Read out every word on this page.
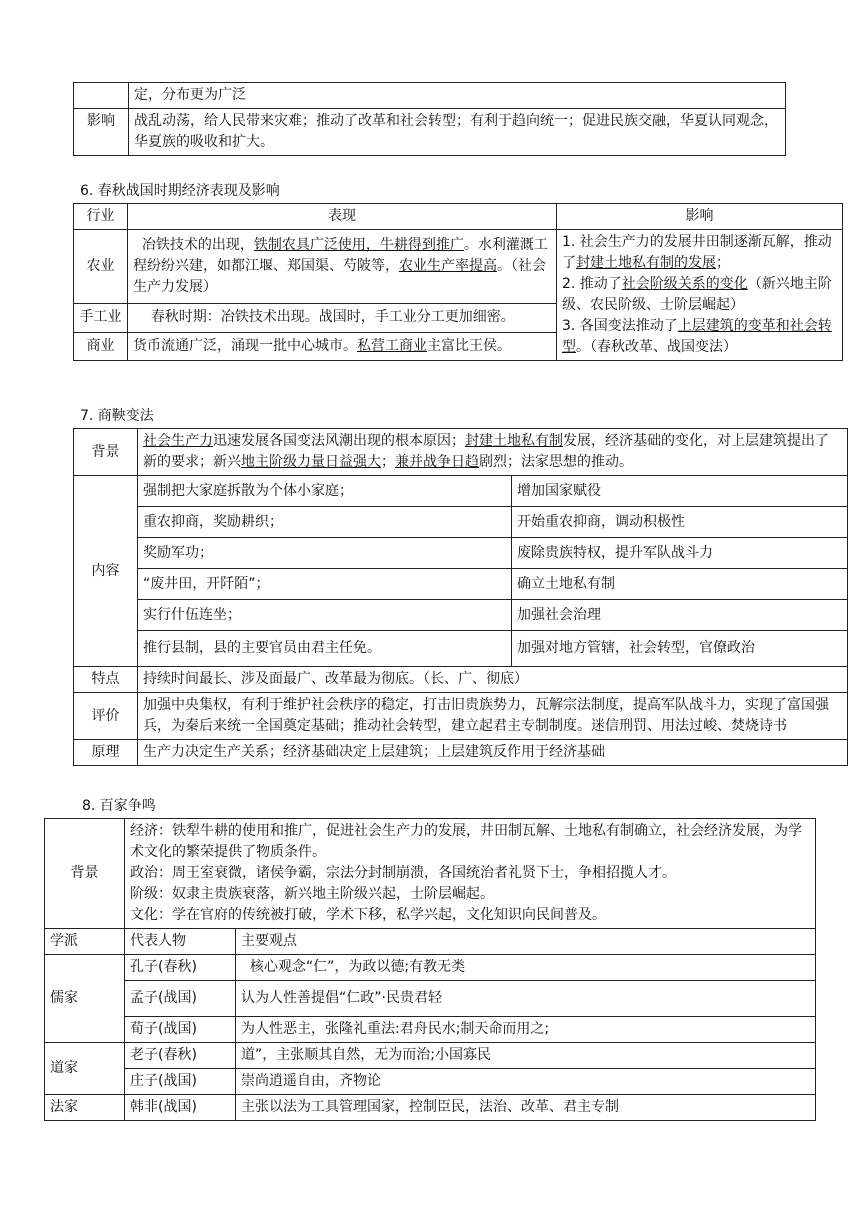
	定，分布更为广泛
影响	战乱动荡，给人民带来灾难；推动了改革和社会转型；有利于趋向统一；促进民族交融，华夏认同观念，华夏族的吸收和扩大。
6. 春秋战国时期经济表现及影响
行业	表现	影响
农业	冶铁技术的出现，铁制农具广泛使用，牛耕得到推广。水利灌溉工程纷纷兴建，如都江堰、郑国渠、芍陂等，农业生产率提高。（社会生产力发展）	1. 社会生产力的发展井田制逐渐瓦解，推动了封建土地私有制的发展；
2. 推动了社会阶级关系的变化（新兴地主阶级、农民阶级、士阶层崛起）
3. 各国变法推动了上层建筑的变革和社会转型。（春秋改革、战国变法）

手工业	春秋时期：冶铁技术出现。战国时，手工业分工更加细密。	
商业	货币流通广泛，涌现一批中心城市。私营工商业主富比王侯。	
7. 商鞅变法
背景	社会生产力迅速发展各国变法风潮出现的根本原因；封建土地私有制发展，经济基础的变化，对上层建筑提出了新的要求；新兴地主阶级力量日益强大；兼并战争日趋剧烈；法家思想的推动。	
内容	强制把大家庭拆散为个体小家庭；	增加国家赋役
	重农抑商，奖励耕织；	开始重农抑商，调动积极性
	奖励军功；	废除贵族特权，提升军队战斗力
	“废井田，开阡陌”；	确立土地私有制
	实行什伍连坐；	加强社会治理
	推行县制，县的主要官员由君主任免。	加强对地方管辖，社会转型，官僚政治
特点	持续时间最长、涉及面最广、改革最为彻底。（长、广、彻底）	
评价	加强中央集权，有利于维护社会秩序的稳定，打击旧贵族势力，瓦解宗法制度，提高军队战斗力，实现了富国强兵，为秦后来统一全国奠定基础；推动社会转型，建立起君主专制制度。迷信刑罚、用法过峻、焚烧诗书	
原理	生产力决定生产关系；经济基础决定上层建筑；上层建筑反作用于经济基础	
8. 百家争鸣
背景	经济：铁犁牛耕的使用和推广，促进社会生产力的发展，井田制瓦解、土地私有制确立，社会经济发展，为学术文化的繁荣提供了物质条件。
政治：周王室衰微，诸侯争霸，宗法分封制崩溃，各国统治者礼贤下士，争相招揽人才。
阶级：奴隶主贵族衰落，新兴地主阶级兴起，士阶层崛起。
文化：学在官府的传统被打破，学术下移，私学兴起，文化知识向民间普及。	

学派	代表人物	主要观点
儒家	孔子(春秋)	核心观念“仁”，为政以德;有教无类
	孟子(战国)	认为人性善提倡“仁政”·民贵君轻
	荀子(战国)	为人性恶主，张隆礼重法:君舟民水;制天命而用之;
道家	老子(春秋)	道”，主张顺其自然，无为而治;小国寡民
	庄子(战国)	崇尚逍遥自由，齐物论
法家	韩非(战国)	主张以法为工具管理国家，控制臣民，法治、改革、君主专制
